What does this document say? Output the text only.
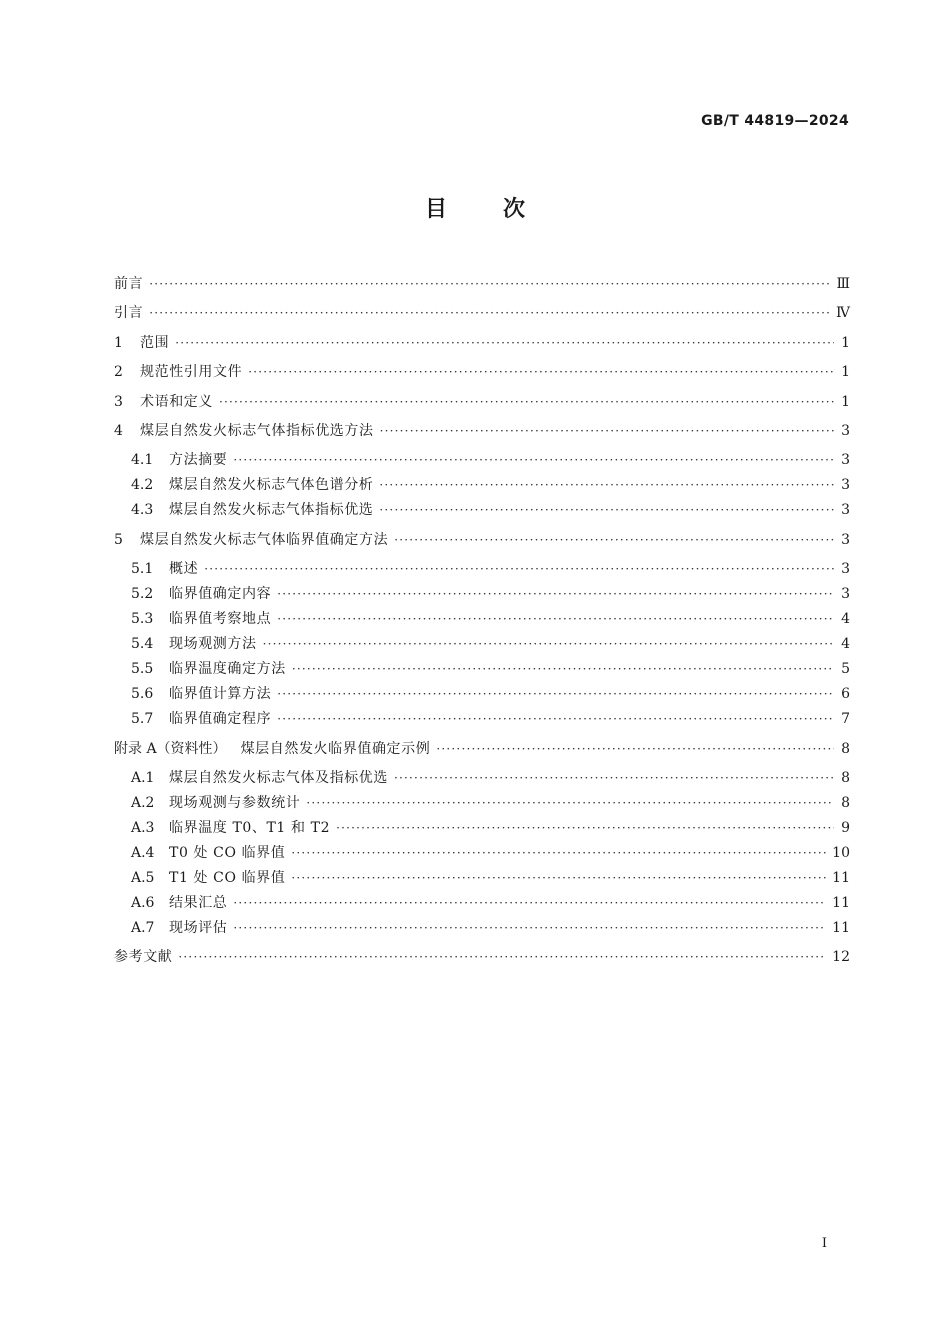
GB/T 44819—2024
目次
前言 ·····	Ⅲ
引言 ·····	Ⅳ
1	范围 ·····	1
2	规范性引用文件 ·····	1
3	术语和定义 ·····	1
4	煤层自然发火标志气体指标优选方法 ·····	3
4.1	方法摘要 ·····	3
4.2	煤层自然发火标志气体色谱分析 ·····	3
4.3	煤层自然发火标志气体指标优选 ·····	3
5	煤层自然发火标志气体临界值确定方法 ·····	3
5.1	概述 ·····	3
5.2	临界值确定内容 ·····	3
5.3	临界值考察地点 ·····	4
5.4	现场观测方法 ·····	4
5.5	临界温度确定方法 ·····	5
5.6	临界值计算方法 ·····	6
5.7	临界值确定程序 ·····	7
附录 A（资料性）	煤层自然发火临界值确定示例 ·····	8
A.1	煤层自然发火标志气体及指标优选 ·····	8
A.2	现场观测与参数统计 ·····	8
A.3	临界温度 T0、T1 和 T2 ·····	9
A.4	T0 处 CO 临界值 ·····	10
A.5	T1 处 CO 临界值 ·····	11
A.6	结果汇总 ·····	11
A.7	现场评估 ·····	11
参考文献 ·····	12
I
